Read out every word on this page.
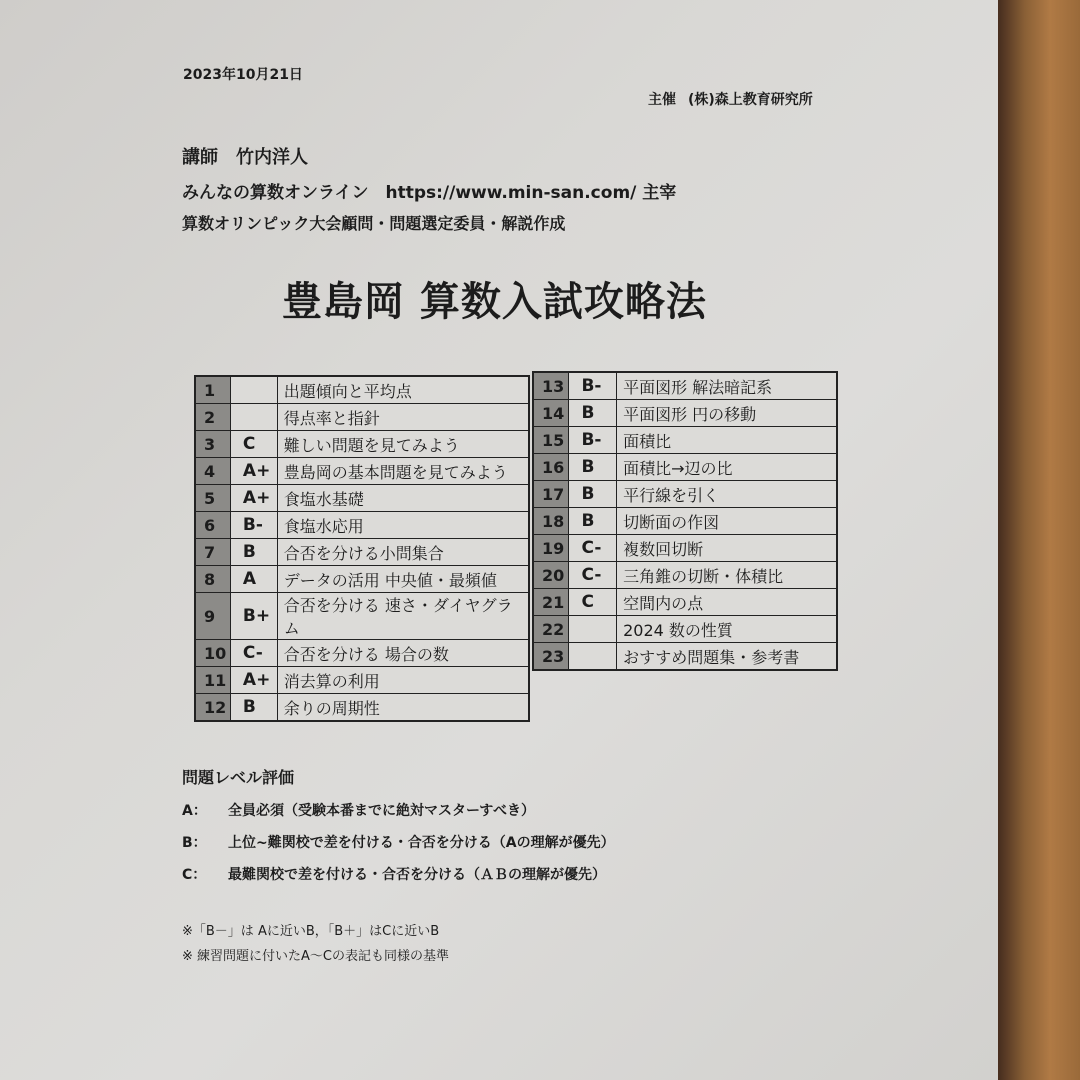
2023年10月21日
主催 (株)森上教育研究所
講師　竹内洋人
みんなの算数オンライン　https://www.min-san.com/ 主宰
算数オリンピック大会顧問・問題選定委員・解説作成
豊島岡 算数入試攻略法
1		出題傾向と平均点
2		得点率と指針
3	C	難しい問題を見てみよう
4	A+	豊島岡の基本問題を見てみよう
5	A+	食塩水基礎
6	B-	食塩水応用
7	B	合否を分ける小問集合
8	A	データの活用 中央値・最頻値
9	B+	合否を分ける 速さ・ダイヤグラム
10	C-	合否を分ける 場合の数
11	A+	消去算の利用
12	B	余りの周期性
13	B-	平面図形 解法暗記系
14	B	平面図形 円の移動
15	B-	面積比
16	B	面積比→辺の比
17	B	平行線を引く
18	B	切断面の作図
19	C-	複数回切断
20	C-	三角錐の切断・体積比
21	C	空間内の点
22		2024 数の性質
23		おすすめ問題集・参考書
問題レベル評価
A： 全員必須（受験本番までに絶対マスターすべき）
B： 上位~難関校で差を付ける・合否を分ける（Aの理解が優先）
C： 最難関校で差を付ける・合否を分ける（ＡＢの理解が優先）
※「B－」は Aに近いB，「B＋」はCに近いB
※ 練習問題に付いたA～Cの表記も同様の基準
